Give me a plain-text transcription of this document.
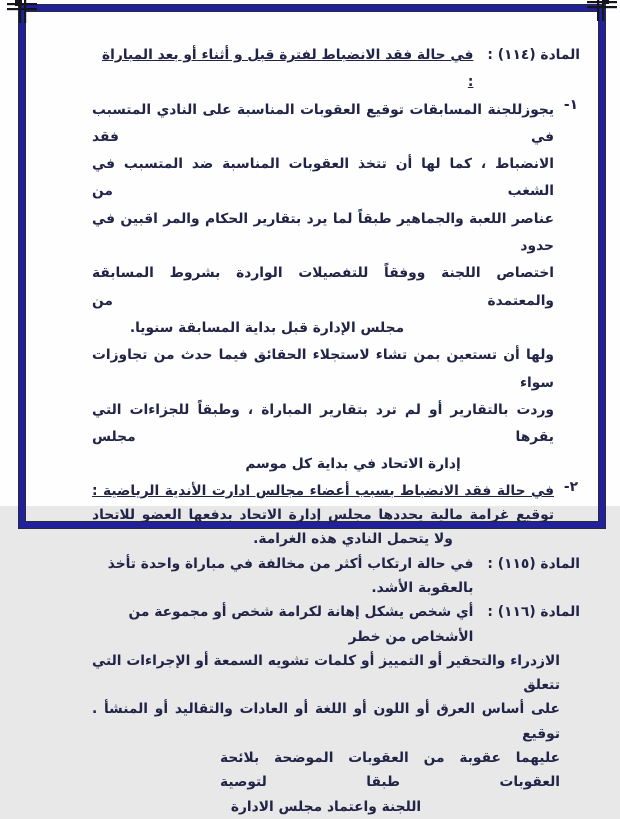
المادة (١١٤) :
في حالة فقد الانضباط لفترة قبل و أثناء أو بعد المباراة :
١-
يجوزللجنة المسابقات توقيع العقوبات المناسبة على النادي المتسبب في فقد
الانضباط ، كما لها أن تتخذ العقوبات المناسبة ضد المتسبب في الشغب من
عناصر اللعبة والجماهير طبقاً لما يرد بتقارير الحكام والمر اقبين في حدود
اختصاص اللجنة ووفقاً للتفصيلات الواردة بشروط المسابقة والمعتمدة من
مجلس الإدارة قبل بداية المسابقة سنويا.
ولها أن تستعين بمن تشاء لاستجلاء الحقائق فيما حدث من تجاوزات سواء
وردت بالتقارير أو لم ترد بتقارير المباراة ، وطبقاً للجزاءات التي يقرها مجلس
إدارة الاتحاد في بداية كل موسم
٢-
في حالة فقد الانضباط بسبب أعضاء مجالس ادارت الأندية الرياضية :
توقيع غرامة مالية يحددها مجلس إدارة الاتحاد بدفعها العضو للاتحاد
ولا يتحمل النادي هذه الغرامة.
المادة (١١٥) :
في حالة ارتكاب أكثر من مخالفة في مباراة واحدة تأخذ بالعقوبة الأشد.
المادة (١١٦) :
أي شخص يشكل إهانة لكرامة شخص أو مجموعة من الأشخاص من خطر
الازدراء والتحقير أو التمييز أو كلمات تشويه السمعة أو الإجراءات التي تتعلق
على أساس العرق أو اللون أو اللغة أو العادات والتقاليد أو المنشأ . توقيع
عليهما عقوبة من العقوبات الموضحة بلائحة العقوبات طبقا لتوصية
اللجنة واعتماد مجلس الادارة
